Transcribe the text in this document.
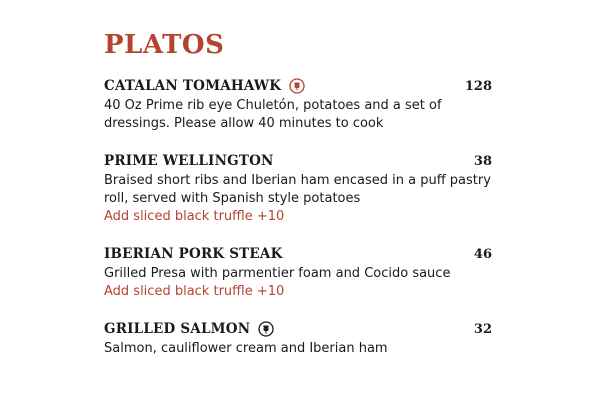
PLATOS
CATALAN TOMAHAWK	128
40 Oz Prime rib eye Chuletón, potatoes and a set of dressings. Please allow 40 minutes to cook
PRIME WELLINGTON	38
Braised short ribs and Iberian ham encased in a puff pastry roll, served with Spanish style potatoes
Add sliced black truffle +10
IBERIAN PORK STEAK	46
Grilled Presa with parmentier foam and Cocido sauce
Add sliced black truffle +10
GRILLED SALMON	32
Salmon, cauliflower cream and Iberian ham
